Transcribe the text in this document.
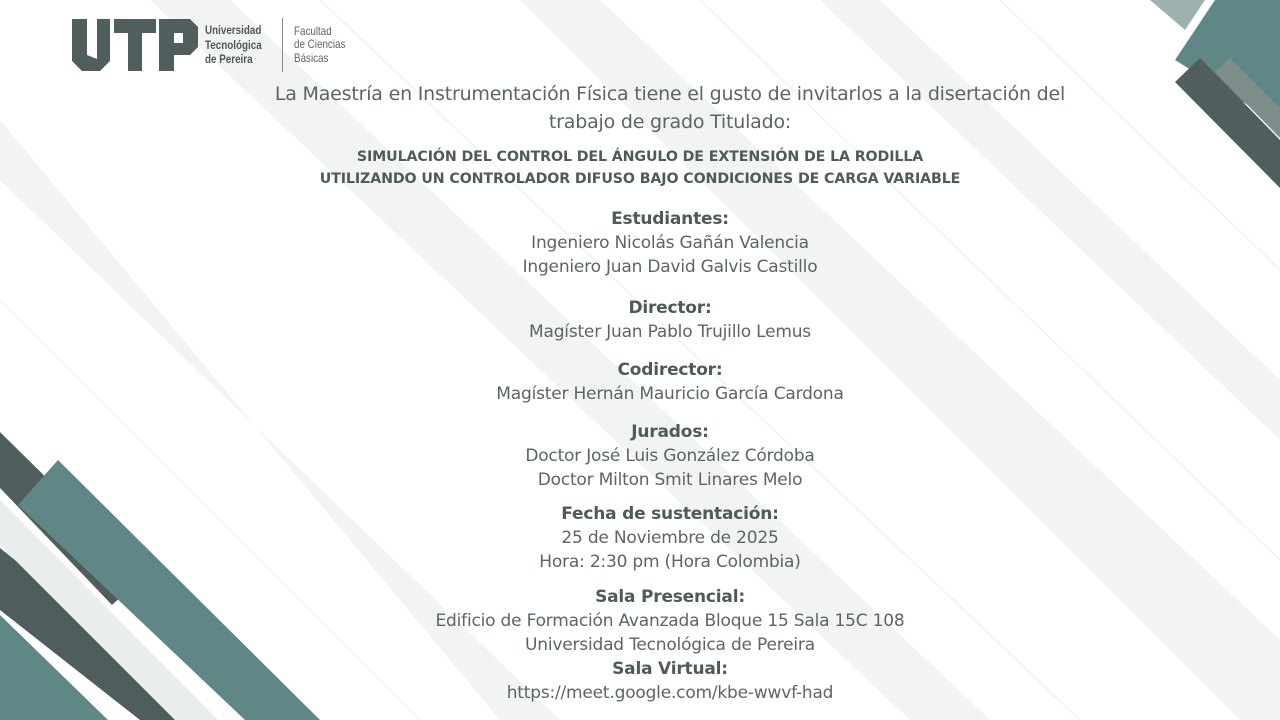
Universidad
Tecnológica
de Pereira
Facultad
de Ciencias
Básicas

La Maestría en Instrumentación Física tiene el gusto de invitarlos a la disertación del trabajo de grado Titulado:

SIMULACIÓN DEL CONTROL DEL ÁNGULO DE EXTENSIÓN DE LA RODILLA
UTILIZANDO UN CONTROLADOR DIFUSO BAJO CONDICIONES DE CARGA VARIABLE
Estudiantes:
Ingeniero Nicolás Gañán Valencia
Ingeniero Juan David Galvis Castillo
Director:
Magíster Juan Pablo Trujillo Lemus
Codirector:
Magíster Hernán Mauricio García Cardona
Jurados:
Doctor José Luis González Córdoba
Doctor Milton Smit Linares Melo
Fecha de sustentación:
25 de Noviembre de 2025
Hora: 2:30 pm (Hora Colombia)
Sala Presencial:
Edificio de Formación Avanzada Bloque 15 Sala 15C 108
Universidad Tecnológica de Pereira
Sala Virtual:
https://meet.google.com/kbe-wwvf-had
